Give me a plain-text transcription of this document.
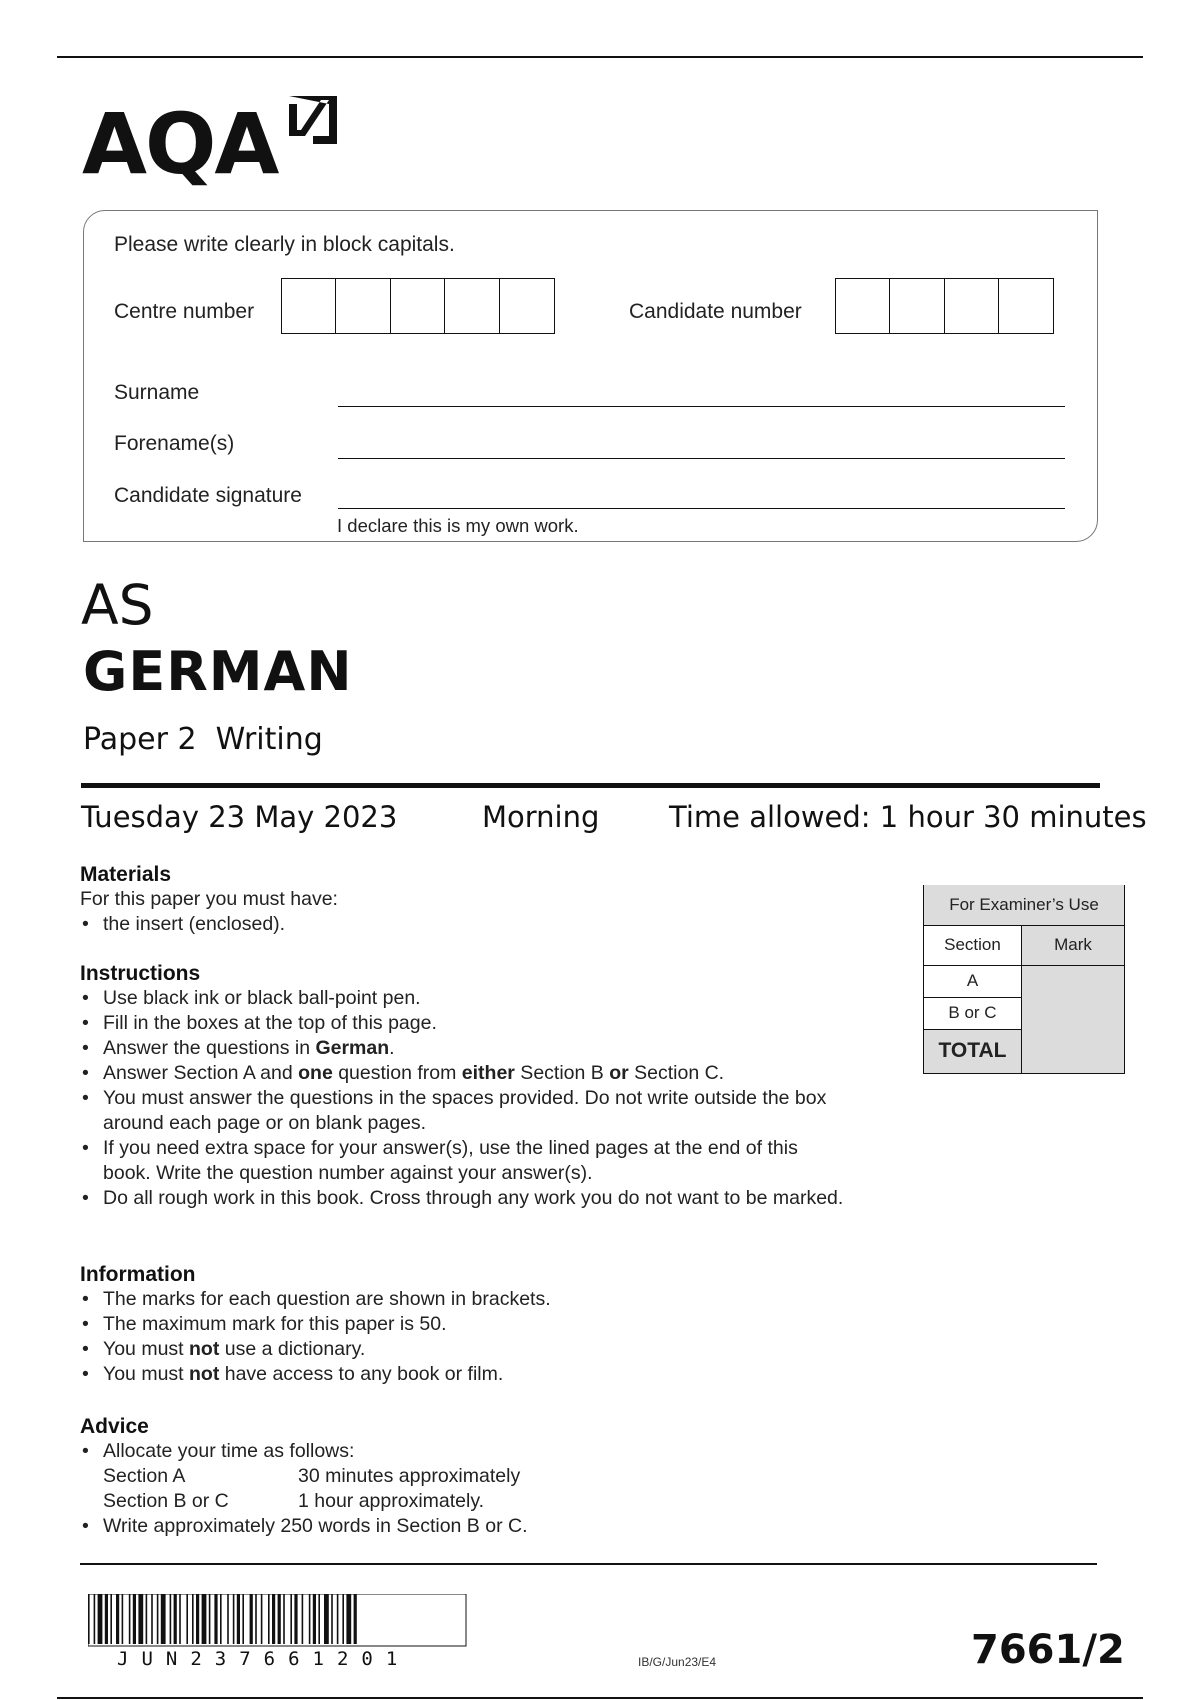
AQA
Please write clearly in block capitals.
Centre number	Candidate number
Surname
Forename(s)
Candidate signature
I declare this is my own work.
AS
GERMAN
Paper 2  Writing
Tuesday 23 May 2023	Morning Time allowed: 1 hour 30 minutes
Materials
For this paper you must have:
• the insert (enclosed).
Instructions
• Use black ink or black ball-point pen.
• Fill in the boxes at the top of this page.
• Answer the questions in German.
• Answer Section A and one question from either Section B or Section C.
• You must answer the questions in the spaces provided. Do not write outside the box around each page or on blank pages.
• If you need extra space for your answer(s), use the lined pages at the end of this book. Write the question number against your answer(s).
• Do all rough work in this book. Cross through any work you do not want to be marked.
Information
• The marks for each question are shown in brackets.
• The maximum mark for this paper is 50.
• You must not use a dictionary.
• You must not have access to any book or film.
Advice
• Allocate your time as follows:
Section A	30 minutes approximately
Section B or C	1 hour approximately.
• Write approximately 250 words in Section B or C.
For Examiner’s Use	
Section	Mark
A	
B or C	
TOTAL	
JUN237661201	IB/G/Jun23/E4	7661/2
